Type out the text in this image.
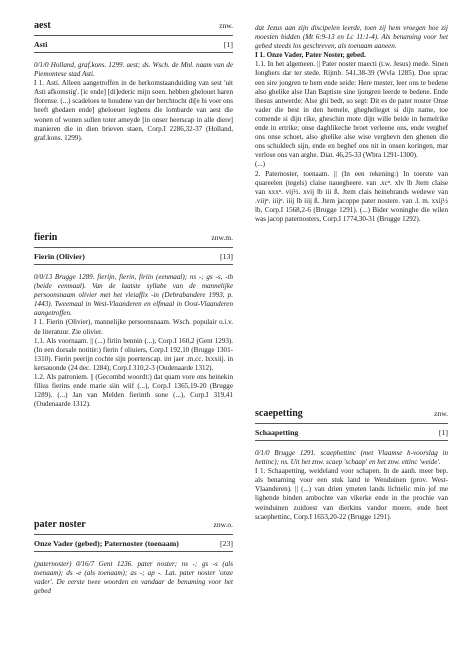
aest	znw.
Asti	[1]

0/1/0 Holland, graf.kons. 1299. aest; ds. Wsch. de Mnl. naam van de Piemontese stad Asti.

I 1. Asti. Alleen aangetroffen in de herkomstaanduiding van sest 'uit Asti afkomstig'. [ic ende] [di]ederic mijn soen. hebben ghelouet haren florense. (...) scadeloes te houdene van der berchtocht di[e hi voer ons heeft ghedaen ende] gheloeuet ieghens die lombarde van aest die wonen of wonen sullen toter ameyde [in onser heerscap in alle diere] manieren die in dien brieven staen, Corp.I 2286,32-37 (Holland, graf.kons. 1299).

fierin	znw.m.
Fierin (Olivier)	[13]

0/0/13 Brugge 1289. fierijn, fierin, firiin (eenmaal); ns -; gs -s, -th (beide eenmaal). Van de laatste syllabe van de mannelijke persoonsnaam olivier met het vleiaffix -in (Debrabandere 1993, p. 1443). Tweemaal in West-Vlaanderen en elfmaal in Oost-Vlaanderen aangetroffen.

I 1. Fierin (Olivier), mannelijke persoonsnaam. Wsch. populair o.i.v. de literatuur. Zie olivier.

1.1. Als voornaam. || (...) firiin bennin (...), Corp.I 160,2 (Gent 1293). (In een dorsale notitie:) fierin f oliuiers, Corp.I 192,10 (Brugge 1301-1310). Fierin peerijn cochte sijn poerterscap. int jaer .m.cc. lxxxiij. in kersauonde (24 dec. 1284), Corp.I 310,2-3 (Oudenaarde 1312).

1.2. Als patroniem. || (Gecombd woordt:) dat quam vore ons heinekin filius fierins ende marie siin wiif (...), Corp.I 1365,19-20 (Brugge 1289). (...) Jan van Melden fierinth sone (...), Corp.I 319,41 (Oudenaarde 1312).

pater noster	znw.o.
Onze Vader (gebed); Paternoster (toenaam)	[23]

(paternoster) 0/16/7 Gent 1236. pater noster; ns -; gs -s (als toenaam); ds -e (als toenaam); as -; ap -. Lat. pater noster 'onze vader'. De eerste twee woorden en vandaar de benaming voor het gebed

dat Jezus aan zijn discipelen leerde, toen zij hem vroegen hoe zij moesten bidden (Mt 6:9-13 en Lc 11:1-4). Als benaming voor het gebed steeds los geschreven, als toenaam aaneen.

I 1. Onze Vader, Pater Noster, gebed.

1.1. In het algemeen. || Pater noster maecti (t.w. Jesus) mede. Sinen Ionghers dar ter stede. Rijmb. 541,38-39 (Wvla 1285). Doe sprac een sire jongren te hem ende seide: Here mester, leer ons te bedene also ghelike alse IJan Baptiste sine ijongren leerde te bedene. Ende ihesus antwerde: Alse ghi bedt, so segt: Dit es de pater noster Onse vader die best in den hemele, gheghelieget si dijn name, toe comende si dijn rike, gheschin mote dijn wille beide in hemelrike ende in ertrike; onse daghlikeche broet verleene ons, ende verghef ons onse schoet, also ghelike alse wise verghevn den ghenen die ons schuldech sijn, ende en beghef ons nit in onsen koringen, mar verlose ons van arghe. Diat. 46,25-33 (Wbra 1291-1300).

(...)

2. Paternoster, toenaam. || (In een rekening:) In toerste van quareelen (tegels) claise nauegheere. van .xcⁿ. xlv lb Jtem claise van xxxⁿ. vij½. xvij lb iii ß. Jtem clais heinebrands wedewe van .viijⁿ. iiijⁿ. iiij lb iiij ß. Jtem jacoppe pater nostere. van .l. m. xxij½ lb, Corp.I 1568,2-6 (Brugge 1291). (...) Bider woninghe die wilen was jacop paternosters, Corp.I 1774,30-31 (Brugge 1292).

scaepetting	znw.
Schaapetting	[1]

0/1/0 Brugge 1291. scaephettinc (met Vlaamse h-voorslag in hettinc); ns. Uit het znw. scaep 'schaap' en het znw. ettinc 'weide'.

I 1. Schaapetting, weideland voor schapen. In de aanh. meer bep. als benaming voor een stuk land te Wenduinen (prov. West-Vlaanderen). || (...) van drien ymeten lands lichtelic min jof me lighende binden ambochte van vikerke ende in the prochie van weinduinen zuidoest van dierkins vandor moere, ende heet scaephettinc, Corp.I 1653,20-22 (Brugge 1291).
